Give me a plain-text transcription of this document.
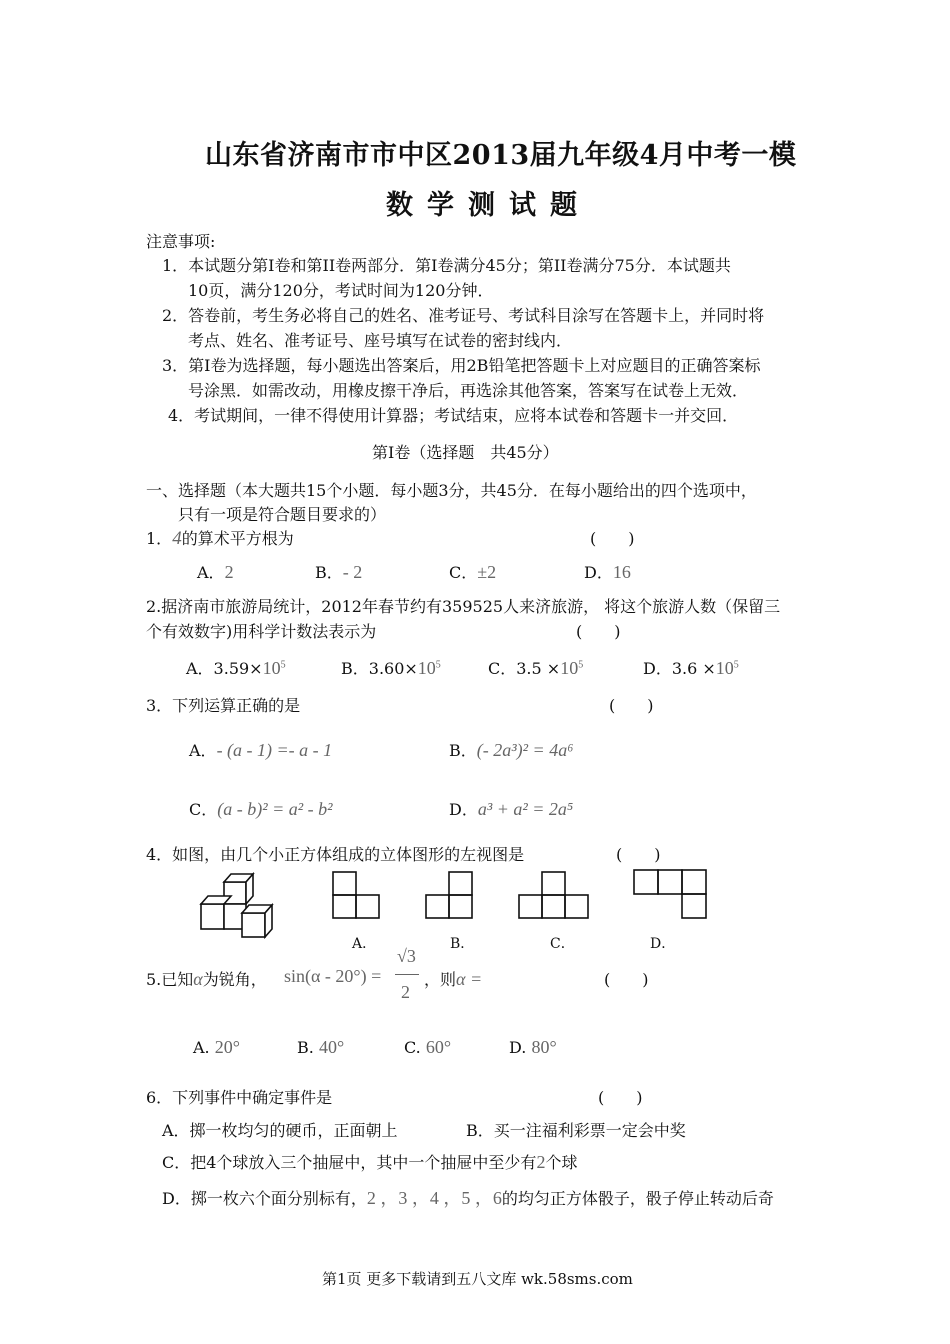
山东省济南市市中区2013届九年级4月中考一模
数学测试题
注意事项:
1．本试题分第Ⅰ卷和第II卷两部分．第Ⅰ卷满分45分；第II卷满分75分．本试题共
10页，满分120分，考试时间为120分钟．
2．答卷前，考生务必将自己的姓名、准考证号、考试科目涂写在答题卡上，并同时将
考点、姓名、准考证号、座号填写在试卷的密封线内．
3．第Ⅰ卷为选择题，每小题选出答案后，用2B铅笔把答题卡上对应题目的正确答案标
号涂黑．如需改动，用橡皮擦干净后，再选涂其他答案，答案写在试卷上无效．
4．考试期间，一律不得使用计算器；考试结束，应将本试卷和答题卡一并交回．
第Ⅰ卷（选择题　共45分）
一、选择题（本大题共15个小题．每小题3分，共45分．在每小题给出的四个选项中，
只有一项是符合题目要求的）
1．4的算术平方根为	(　　)
A．2	B．- 2	C．±2	D．16
2.据济南市旅游局统计，2012年春节约有359525人来济旅游， 将这个旅游人数（保留三
个有效数字)用科学计数法表示为	(　　)
A．$3.59\times 10^5$	B．$3.60\times 10^5$	C．$3.5 \times 10^5$	D．$3.6 \times 10^5$
3．下列运算正确的是	(　　)
A．- (a - 1) =- a - 1	B．(- 2a³)² = 4a⁶
C．(a - b)² = a² - b²	D．a³ + a² = 2a⁵
4．如图，由几个小正方体组成的立体图形的左视图是	(　　)
A．	B．	C．	D．
5.已知α为锐角， sin(α - 20°) =
√3
2
，则α =	(　　)
A. 20°	B. 40°	C. 60°	D. 80°
6．下列事件中确定事件是	(　　)
A．掷一枚均匀的硬币，正面朝上	B．买一注福利彩票一定会中奖
C．把4个球放入三个抽屉中，其中一个抽屉中至少有2个球
D．掷一枚六个面分别标有，2 ，3 ，4 ，5 ，6的均匀正方体骰子，骰子停止转动后奇
第1页 更多下载请到五八文库 wk.58sms.com
